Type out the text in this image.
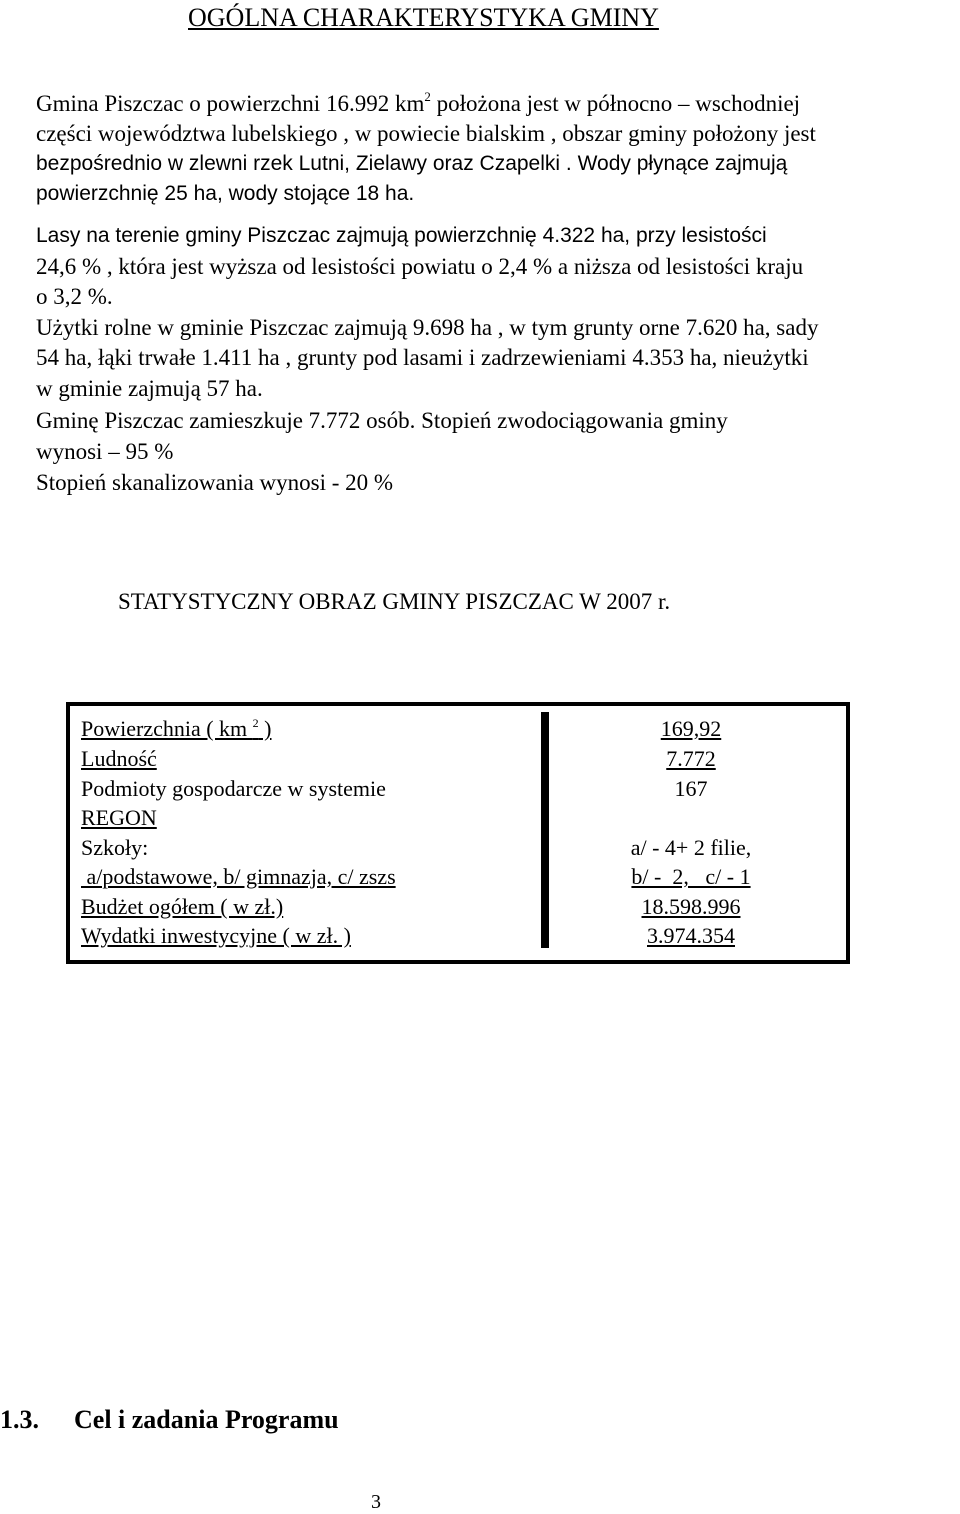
OGÓLNA CHARAKTERYSTYKA GMINY
Gmina Piszczac o powierzchni 16.992 $km^2$ położona jest w północno – wschodniej
części województwa lubelskiego , w powiecie bialskim , obszar gminy położony jest
bezpośrednio w zlewni rzek Lutni, Zielawy oraz Czapelki . Wody płynące zajmują
powierzchnię 25 ha, wody stojące 18 ha.
Lasy na terenie gminy Piszczac zajmują powierzchnię 4.322 ha, przy lesistości
24,6 % , która jest wyższa od lesistości powiatu o 2,4 % a niższa od lesistości kraju
o 3,2 %.
Użytki rolne w gminie Piszczac zajmują 9.698 ha , w tym grunty orne 7.620 ha, sady
54 ha, łąki trwałe 1.411 ha , grunty pod lasami i zadrzewieniami 4.353 ha, nieużytki
w gminie zajmują 57 ha.
Gminę Piszczac zamieszkuje 7.772 osób. Stopień zwodociągowania gminy
wynosi – 95 %
Stopień skanalizowania wynosi - 20 %
STATYSTYCZNY OBRAZ GMINY PISZCZAC W 2007 r.
Powierzchnia ( km $^2$ )	169,92
Ludność	7.772
Podmioty gospodarcze w systemie	167
REGON
Szkoły:	a/ - 4+ 2 filie,
a/podstawowe, b/ gimnazja, c/ zszs	b/ -  2,   c/ - 1
Budżet ogółem ( w zł.)	18.598.996
Wydatki inwestycyjne ( w zł. )	3.974.354
1.3. Cel i zadania Programu
3
